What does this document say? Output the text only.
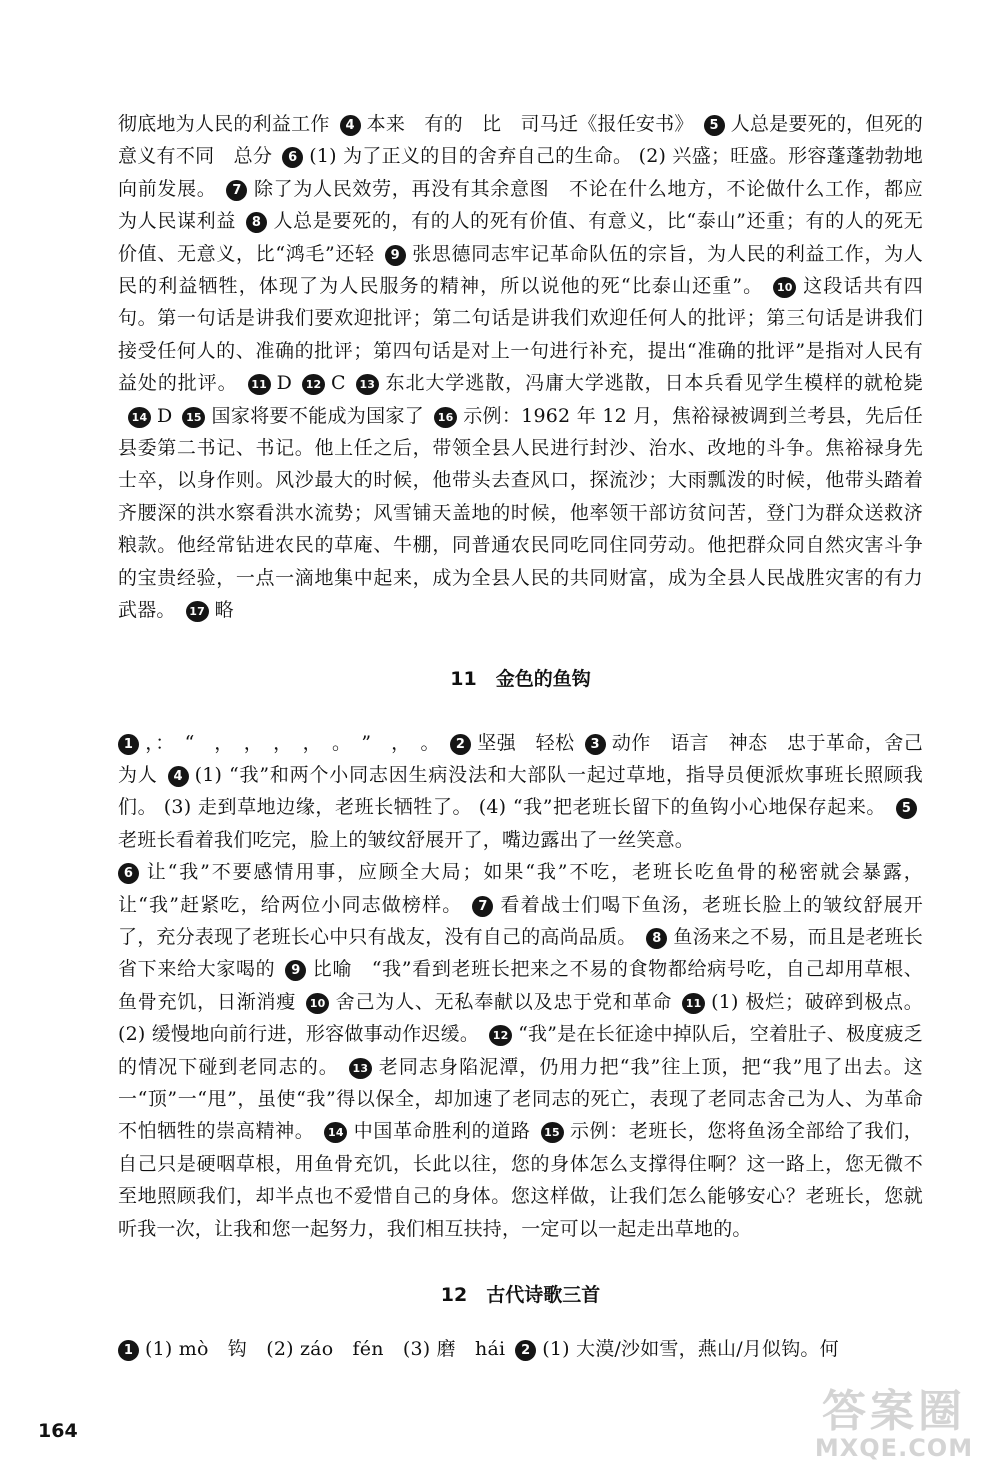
彻底地为人民的利益工作 4 本来　有的　比　司马迁《报任安书》 5 人总是要死的，但死的意义有不同　总分 6 (1) 为了正义的目的舍弃自己的生命。 (2) 兴盛；旺盛。形容蓬蓬勃勃地向前发展。 7 除了为人民效劳，再没有其余意图　不论在什么地方，不论做什么工作，都应为人民谋利益 8 人总是要死的，有的人的死有价值、有意义，比“泰山”还重；有的人的死无价值、无意义，比“鸿毛”还轻 9 张思德同志牢记革命队伍的宗旨，为人民的利益工作，为人民的利益牺牲，体现了为人民服务的精神，所以说他的死“比泰山还重”。 10 这段话共有四句。第一句话是讲我们要欢迎批评；第二句话是讲我们欢迎任何人的批评；第三句话是讲我们接受任何人的、准确的批评；第四句话是对上一句进行补充，提出“准确的批评”是指对人民有益处的批评。 11 D 12 C 13 东北大学逃散，冯庸大学逃散，日本兵看见学生模样的就枪毙14 D 15 国家将要不能成为国家了 16 示例：1962 年 12 月，焦裕禄被调到兰考县，先后任县委第二书记、书记。他上任之后，带领全县人民进行封沙、治水、改地的斗争。焦裕禄身先士卒，以身作则。风沙最大的时候，他带头去查风口，探流沙；大雨瓢泼的时候，他带头踏着齐腰深的洪水察看洪水流势；风雪铺天盖地的时候，他率领干部访贫问苦，登门为群众送救济粮款。他经常钻进农民的草庵、牛棚，同普通农民同吃同住同劳动。他把群众同自然灾害斗争的宝贵经验，一点一滴地集中起来，成为全县人民的共同财富，成为全县人民战胜灾害的有力武器。 17 略

11　金色的鱼钩

1 ，：　“　，　，　，　，　。　”　，　。 2 坚强　轻松 3 动作　语言　神态　忠于革命，舍己为人 4 (1) “我”和两个小同志因生病没法和大部队一起过草地，指导员便派炊事班长照顾我们。 (3) 走到草地边缘，老班长牺牲了。 (4) “我”把老班长留下的鱼钩小心地保存起来。 5老班长看着我们吃完，脸上的皱纹舒展开了，嘴边露出了一丝笑意。

6 让“我”不要感情用事，应顾全大局；如果“我”不吃，老班长吃鱼骨的秘密就会暴露，让“我”赶紧吃，给两位小同志做榜样。 7 看着战士们喝下鱼汤，老班长脸上的皱纹舒展开了，充分表现了老班长心中只有战友，没有自己的高尚品质。 8 鱼汤来之不易，而且是老班长省下来给大家喝的 9 比喻　“我”看到老班长把来之不易的食物都给病号吃，自己却用草根、鱼骨充饥，日渐消瘦 10 舍己为人、无私奉献以及忠于党和革命 11 (1) 极烂；破碎到极点。 (2) 缓慢地向前行进，形容做事动作迟缓。 12 “我”是在长征途中掉队后，空着肚子、极度疲乏的情况下碰到老同志的。 13 老同志身陷泥潭，仍用力把“我”往上顶，把“我”甩了出去。这一“顶”一“甩”，虽使“我”得以保全，却加速了老同志的死亡，表现了老同志舍己为人、为革命不怕牺牲的崇高精神。 14 中国革命胜利的道路 15 示例：老班长，您将鱼汤全部给了我们，自己只是硬咽草根，用鱼骨充饥，长此以往，您的身体怎么支撑得住啊？这一路上，您无微不至地照顾我们，却半点也不爱惜自己的身体。您这样做，让我们怎么能够安心？老班长，您就听我一次，让我和您一起努力，我们相互扶持，一定可以一起走出草地的。

12　古代诗歌三首

1 (1) mò　钩　(2) záo　fén　(3) 磨　hái 2 (1) 大漠/沙如雪，燕山/月似钩。何

164	答案圈
MXQE.COM
